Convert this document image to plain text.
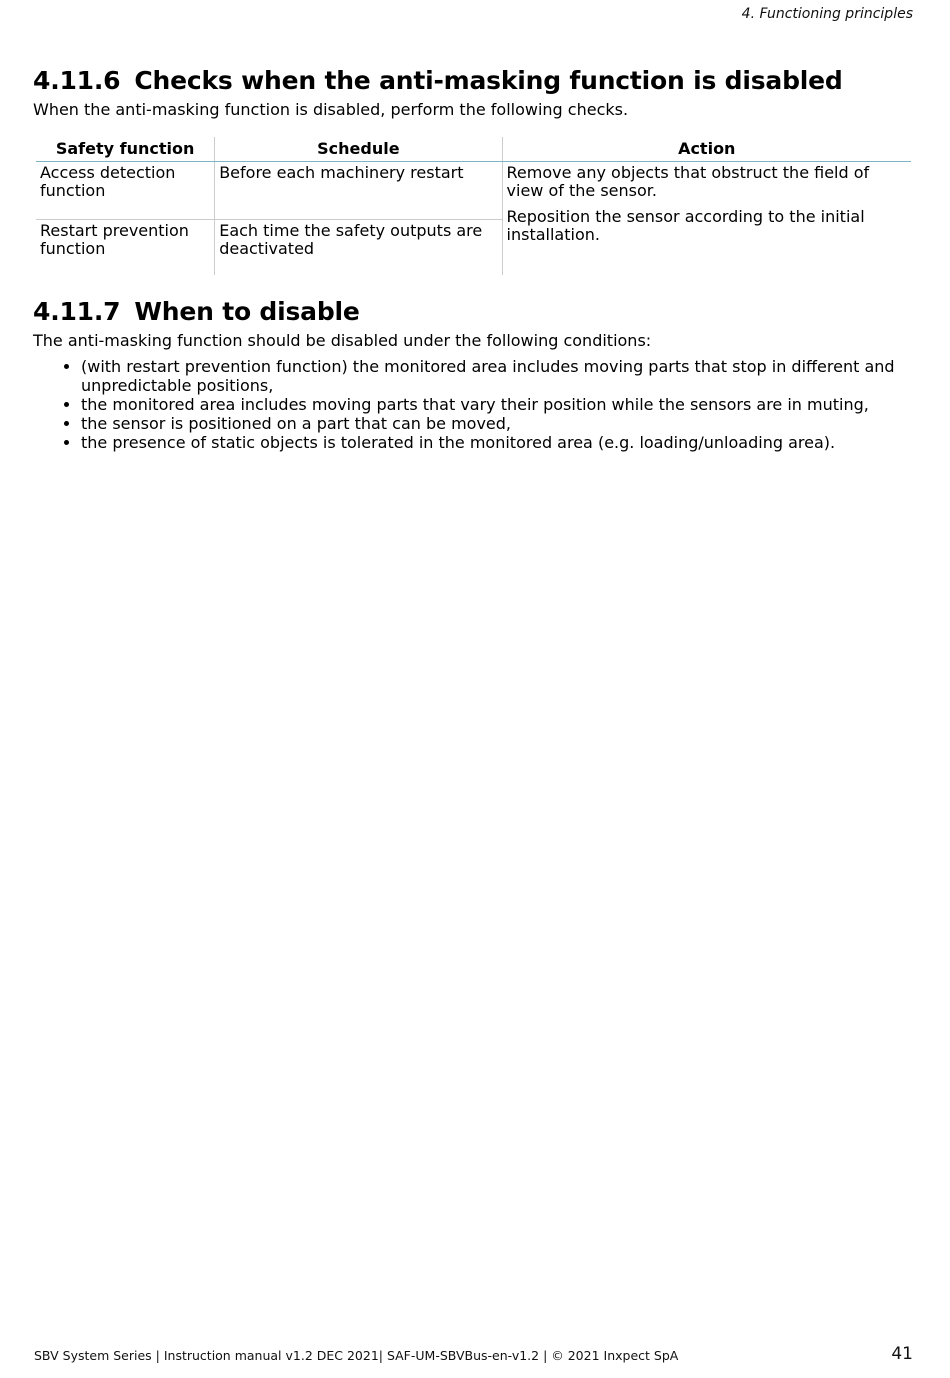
4. Functioning principles
4.11.6 Checks when the anti-masking function is disabled

When the anti-masking function is disabled, perform the following checks.

Safety function	Schedule	Action
Access detection function	Before each machinery restart	Remove any objects that obstruct the field of view of the sensor.

Reposition the sensor according to the initial installation.

Restart prevention function	Each time the safety outputs are deactivated	
4.11.7 When to disable

The anti-masking function should be disabled under the following conditions:

• (with restart prevention function) the monitored area includes moving parts that stop in different and unpredictable positions,
• the monitored area includes moving parts that vary their position while the sensors are in muting,
• the sensor is positioned on a part that can be moved,
• the presence of static objects is tolerated in the monitored area (e.g. loading/unloading area).
SBV System Series | Instruction manual v1.2 DEC 2021| SAF-UM-SBVBus-en-v1.2 | © 2021 Inxpect SpA	41
